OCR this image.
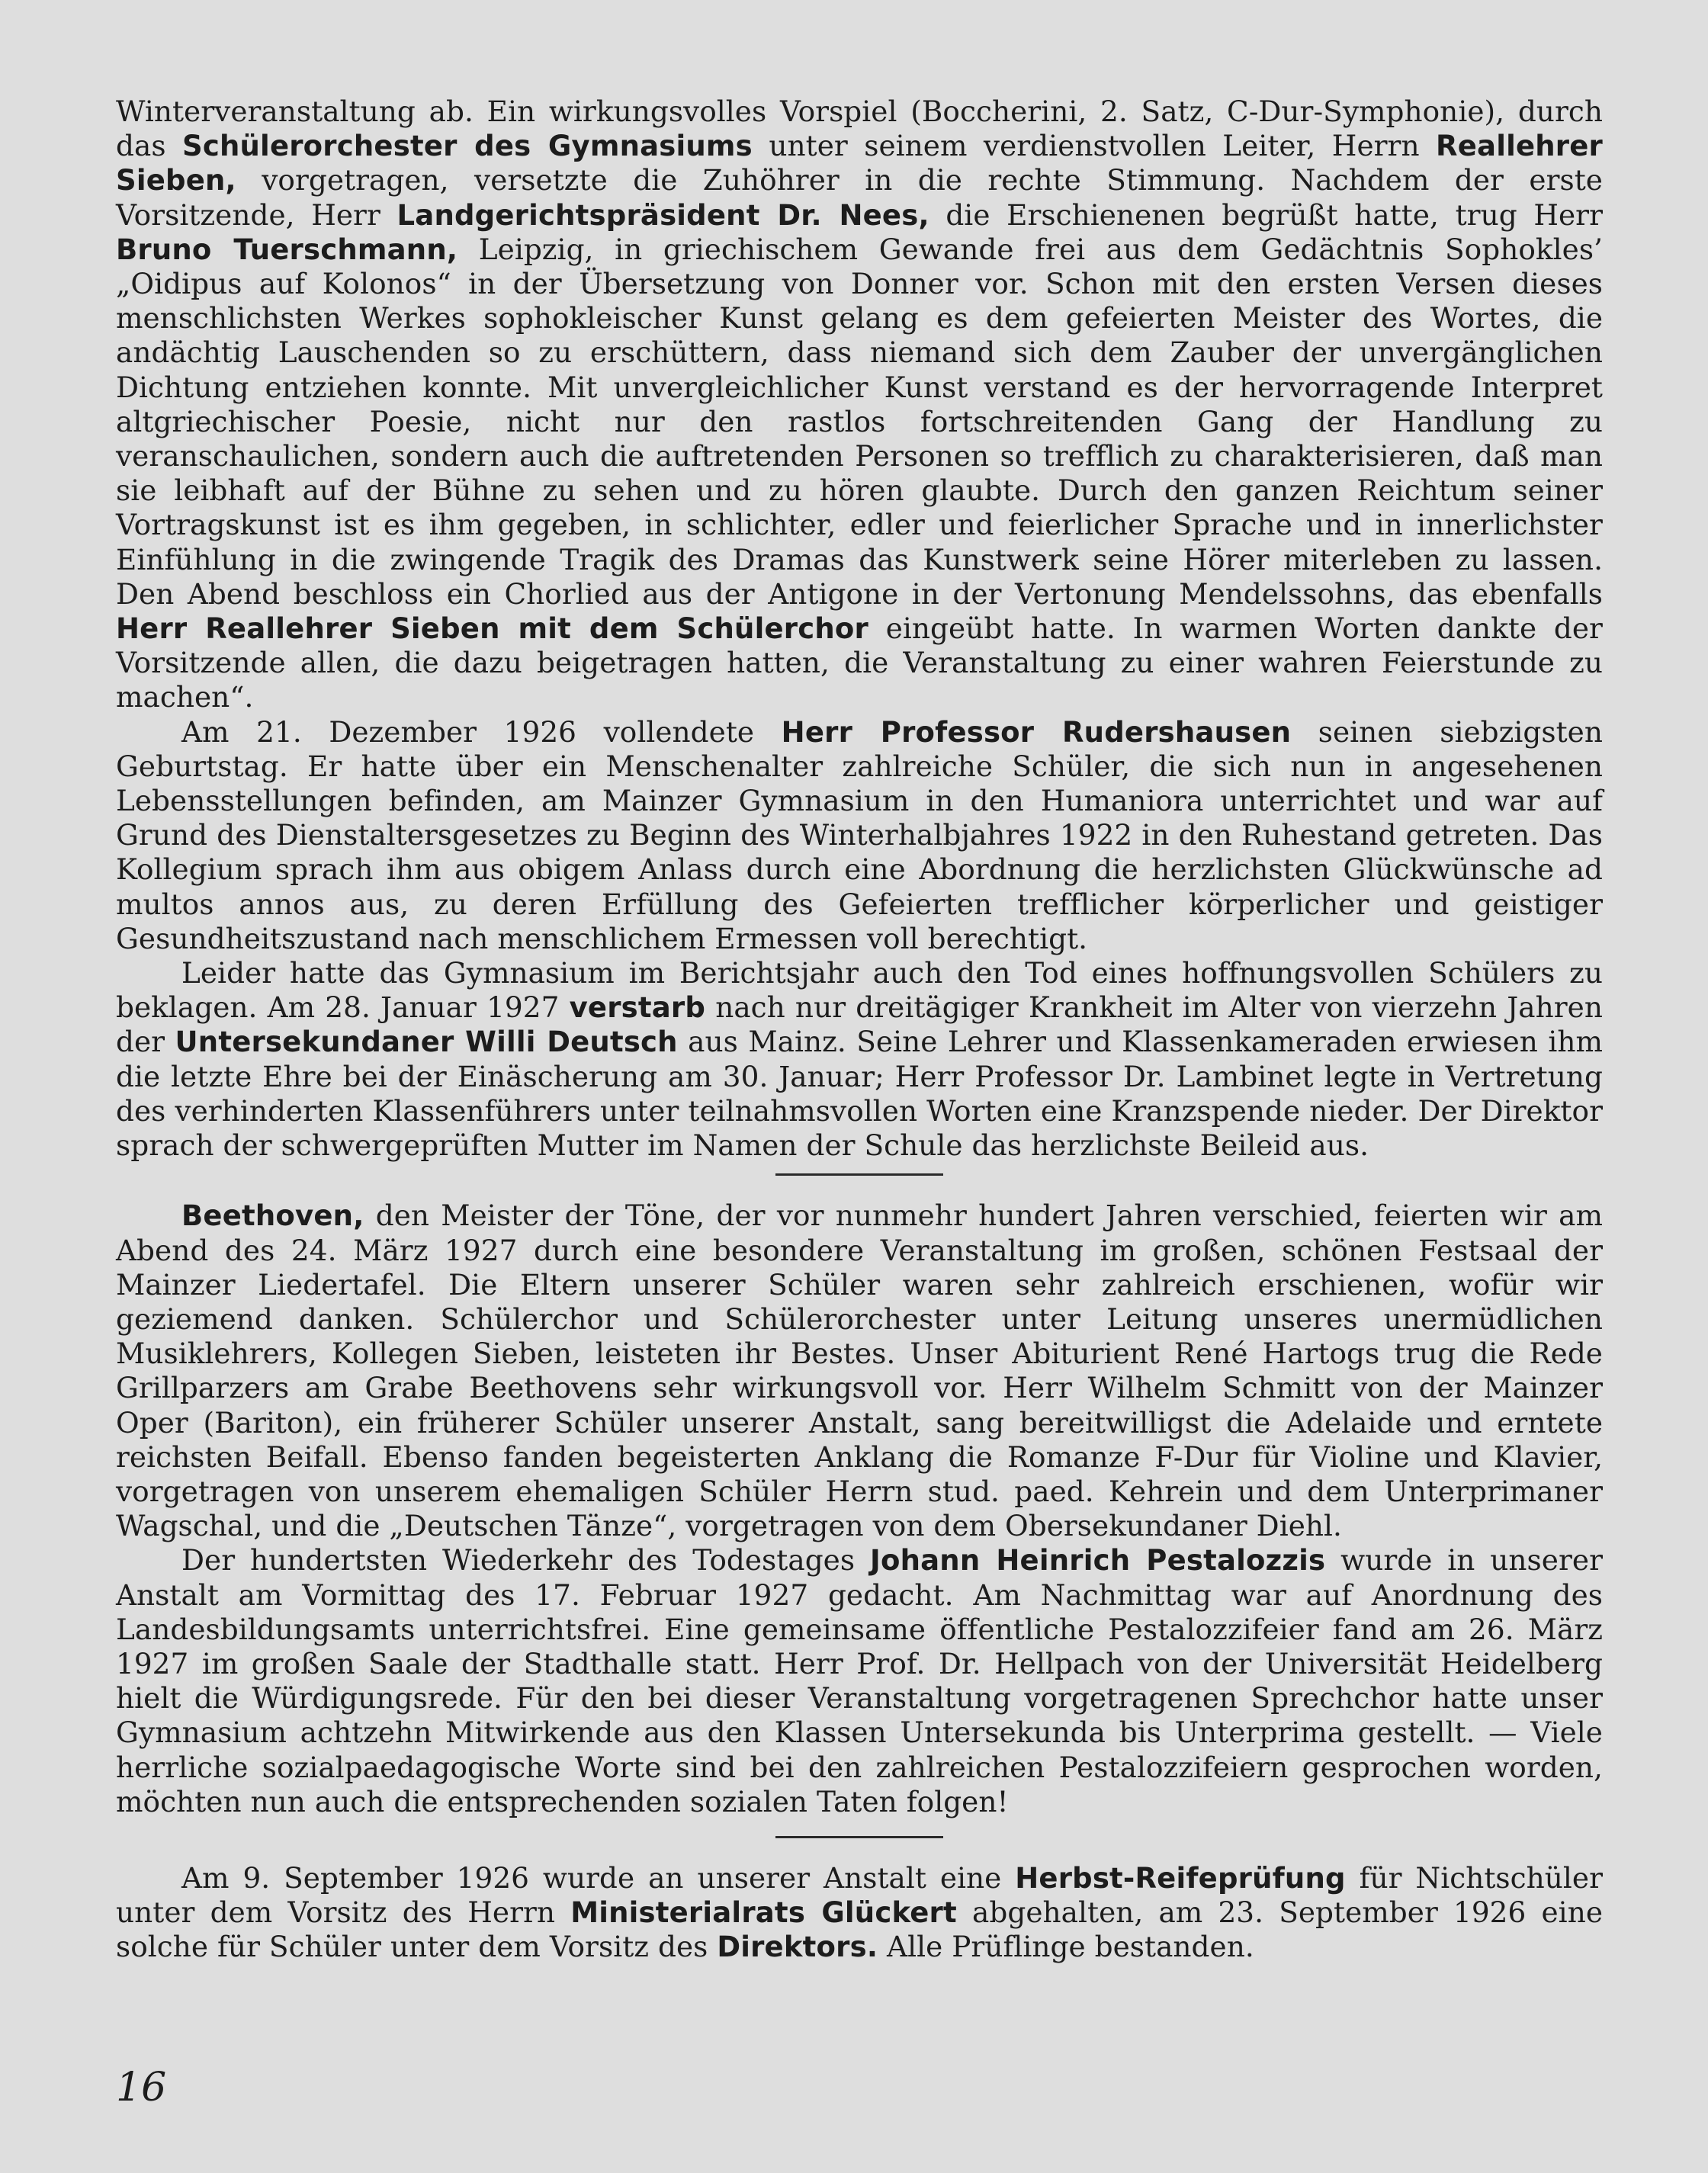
Winterveranstaltung ab. Ein wirkungsvolles Vorspiel (Boccherini, 2. Satz, C-Dur-Symphonie), durch das Schülerorchester des Gymnasiums unter seinem verdienstvollen Leiter, Herrn Reallehrer Sieben, vorgetragen, versetzte die Zuhöhrer in die rechte Stimmung. Nachdem der erste Vorsitzende, Herr Landgerichtspräsident Dr. Nees, die Erschienenen begrüßt hatte, trug Herr Bruno Tuerschmann, Leipzig, in griechischem Gewande frei aus dem Gedächtnis Sophokles’ „Oidipus auf Kolonos“ in der Übersetzung von Donner vor. Schon mit den ersten Versen dieses menschlichsten Werkes sophokleischer Kunst gelang es dem gefeierten Meister des Wortes, die andächtig Lauschenden so zu erschüttern, dass niemand sich dem Zauber der unvergänglichen Dichtung entziehen konnte. Mit unvergleichlicher Kunst verstand es der hervorragende Interpret altgriechischer Poesie, nicht nur den rastlos fortschreitenden Gang der Handlung zu veranschaulichen, sondern auch die auftretenden Personen so trefflich zu charakterisieren, daß man sie leibhaft auf der Bühne zu sehen und zu hören glaubte. Durch den ganzen Reichtum seiner Vortragskunst ist es ihm gegeben, in schlichter, edler und feierlicher Sprache und in innerlichster Einfühlung in die zwingende Tragik des Dramas das Kunstwerk seine Hörer miterleben zu lassen. Den Abend beschloss ein Chorlied aus der Antigone in der Vertonung Mendelssohns, das ebenfalls Herr Reallehrer Sieben mit dem Schülerchor eingeübt hatte. In warmen Worten dankte der Vorsitzende allen, die dazu beigetragen hatten, die Veranstaltung zu einer wahren Feierstunde zu machen“.

Am 21. Dezember 1926 vollendete Herr Professor Rudershausen seinen siebzigsten Geburtstag. Er hatte über ein Menschenalter zahlreiche Schüler, die sich nun in angesehenen Lebensstellungen befinden, am Mainzer Gymnasium in den Humaniora unterrichtet und war auf Grund des Dienstaltersgesetzes zu Beginn des Winterhalbjahres 1922 in den Ruhestand getreten. Das Kollegium sprach ihm aus obigem Anlass durch eine Abordnung die herzlichsten Glückwünsche ad multos annos aus, zu deren Erfüllung des Gefeierten trefflicher körperlicher und geistiger Gesundheitszustand nach menschlichem Ermessen voll berechtigt.

Leider hatte das Gymnasium im Berichtsjahr auch den Tod eines hoffnungsvollen Schülers zu beklagen. Am 28. Januar 1927 verstarb nach nur dreitägiger Krankheit im Alter von vierzehn Jahren der Untersekundaner Willi Deutsch aus Mainz. Seine Lehrer und Klassenkameraden erwiesen ihm die letzte Ehre bei der Einäscherung am 30. Januar; Herr Professor Dr. Lambinet legte in Vertretung des verhinderten Klassenführers unter teilnahmsvollen Worten eine Kranzspende nieder. Der Direktor sprach der schwergeprüften Mutter im Namen der Schule das herzlichste Beileid aus.

Beethoven, den Meister der Töne, der vor nunmehr hundert Jahren verschied, feierten wir am Abend des 24. März 1927 durch eine besondere Veranstaltung im großen, schönen Festsaal der Mainzer Liedertafel. Die Eltern unserer Schüler waren sehr zahlreich erschienen, wofür wir geziemend danken. Schülerchor und Schülerorchester unter Leitung unseres unermüdlichen Musiklehrers, Kollegen Sieben, leisteten ihr Bestes. Unser Abiturient René Hartogs trug die Rede Grillparzers am Grabe Beethovens sehr wirkungsvoll vor. Herr Wilhelm Schmitt von der Mainzer Oper (Bariton), ein früherer Schüler unserer Anstalt, sang bereitwilligst die Adelaide und erntete reichsten Beifall. Ebenso fanden begeisterten Anklang die Romanze F-Dur für Violine und Klavier, vorgetragen von unserem ehemaligen Schüler Herrn stud. paed. Kehrein und dem Unterprimaner Wagschal, und die „Deutschen Tänze“, vorgetragen von dem Obersekundaner Diehl.

Der hundertsten Wiederkehr des Todestages Johann Heinrich Pestalozzis wurde in unserer Anstalt am Vormittag des 17. Februar 1927 gedacht. Am Nachmittag war auf Anordnung des Landesbildungsamts unterrichtsfrei. Eine gemeinsame öffentliche Pestalozzifeier fand am 26. März 1927 im großen Saale der Stadthalle statt. Herr Prof. Dr. Hellpach von der Universität Heidelberg hielt die Würdigungsrede. Für den bei dieser Veranstaltung vorgetragenen Sprechchor hatte unser Gymnasium achtzehn Mitwirkende aus den Klassen Untersekunda bis Unterprima gestellt. — Viele herrliche sozialpaedagogische Worte sind bei den zahlreichen Pestalozzifeiern gesprochen worden, möchten nun auch die entsprechenden sozialen Taten folgen!

Am 9. September 1926 wurde an unserer Anstalt eine Herbst-Reifeprüfung für Nichtschüler unter dem Vorsitz des Herrn Ministerialrats Glückert abgehalten, am 23. September 1926 eine solche für Schüler unter dem Vorsitz des Direktors. Alle Prüflinge bestanden.

16
